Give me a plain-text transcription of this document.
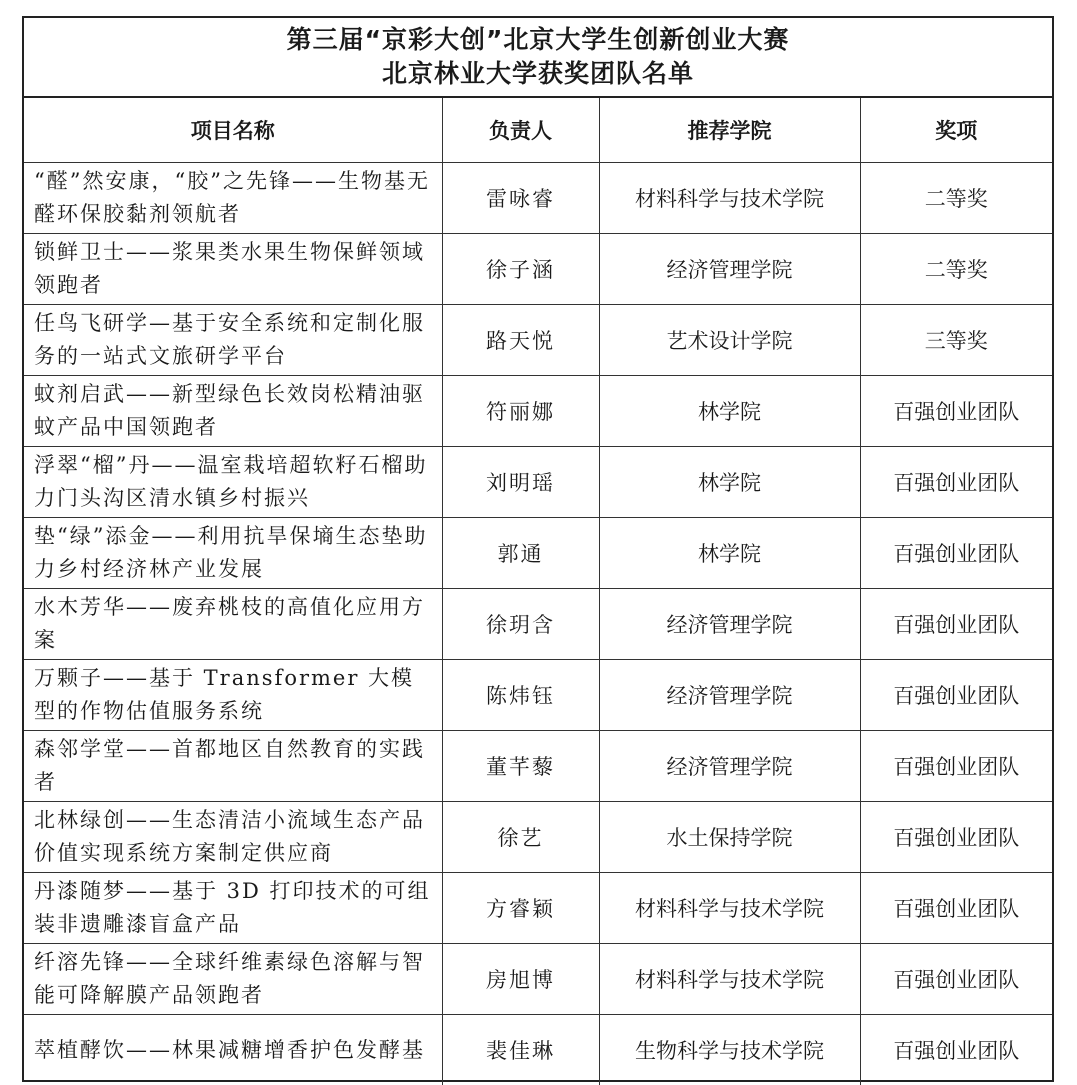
第三届“京彩大创”北京大学生创新创业大赛
北京林业大学获奖团队名单
项目名称	负责人	推荐学院	奖项
“醛”然安康，“胶”之先锋——生物基无醛环保胶黏剂领航者	雷咏睿	材料科学与技术学院	二等奖
锁鲜卫士——浆果类水果生物保鲜领域领跑者	徐子涵	经济管理学院	二等奖
任鸟飞研学—基于安全系统和定制化服务的一站式文旅研学平台	路天悦	艺术设计学院	三等奖
蚊剂启武——新型绿色长效岗松精油驱蚊产品中国领跑者	符丽娜	林学院	百强创业团队
浮翠“榴”丹——温室栽培超软籽石榴助力门头沟区清水镇乡村振兴	刘明瑶	林学院	百强创业团队
垫“绿”添金——利用抗旱保墒生态垫助力乡村经济林产业发展	郭通	林学院	百强创业团队
水木芳华——废弃桃枝的高值化应用方案	徐玥含	经济管理学院	百强创业团队
万颗子——基于 Transformer 大模型的作物估值服务系统	陈炜钰	经济管理学院	百强创业团队
森邻学堂——首都地区自然教育的实践者	董芊藜	经济管理学院	百强创业团队
北林绿创——生态清洁小流域生态产品价值实现系统方案制定供应商	徐艺	水土保持学院	百强创业团队
丹漆随梦——基于 3D 打印技术的可组装非遗雕漆盲盒产品	方睿颖	材料科学与技术学院	百强创业团队
纤溶先锋——全球纤维素绿色溶解与智能可降解膜产品领跑者	房旭博	材料科学与技术学院	百强创业团队
萃植酵饮——林果减糖增香护色发酵基	裴佳琳	生物科学与技术学院	百强创业团队
